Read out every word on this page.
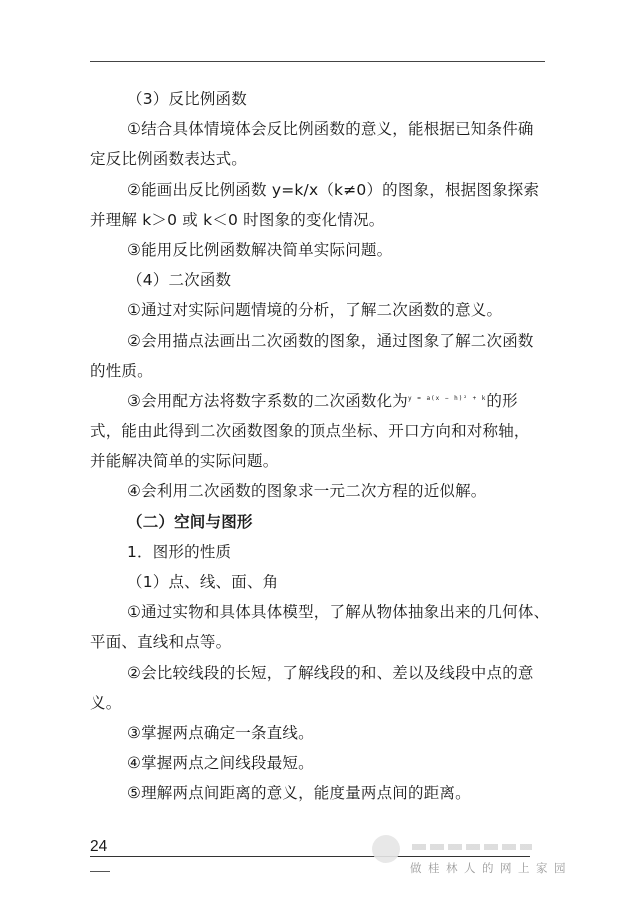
（3）反比例函数
①结合具体情境体会反比例函数的意义，能根据已知条件确
定反比例函数表达式。
②能画出反比例函数 y=k/x（k≠0）的图象，根据图象探索
并理解 k＞0 或 k＜0 时图象的变化情况。
③能用反比例函数解决简单实际问题。
（4）二次函数
①通过对实际问题情境的分析，了解二次函数的意义。
②会用描点法画出二次函数的图象，通过图象了解二次函数
的性质。
③会用配方法将数字系数的二次函数化为y = a(x − h)² + k的形
式，能由此得到二次函数图象的顶点坐标、开口方向和对称轴，
并能解决简单的实际问题。
④会利用二次函数的图象求一元二次方程的近似解。
（二）空间与图形
1．图形的性质
（1）点、线、面、角
①通过实物和具体具体模型，了解从物体抽象出来的几何体、
平面、直线和点等。
②会比较线段的长短，了解线段的和、差以及线段中点的意
义。
③掌握两点确定一条直线。
④掌握两点之间线段最短。
⑤理解两点间距离的意义，能度量两点间的距离。
24
做桂林人的网上家园
